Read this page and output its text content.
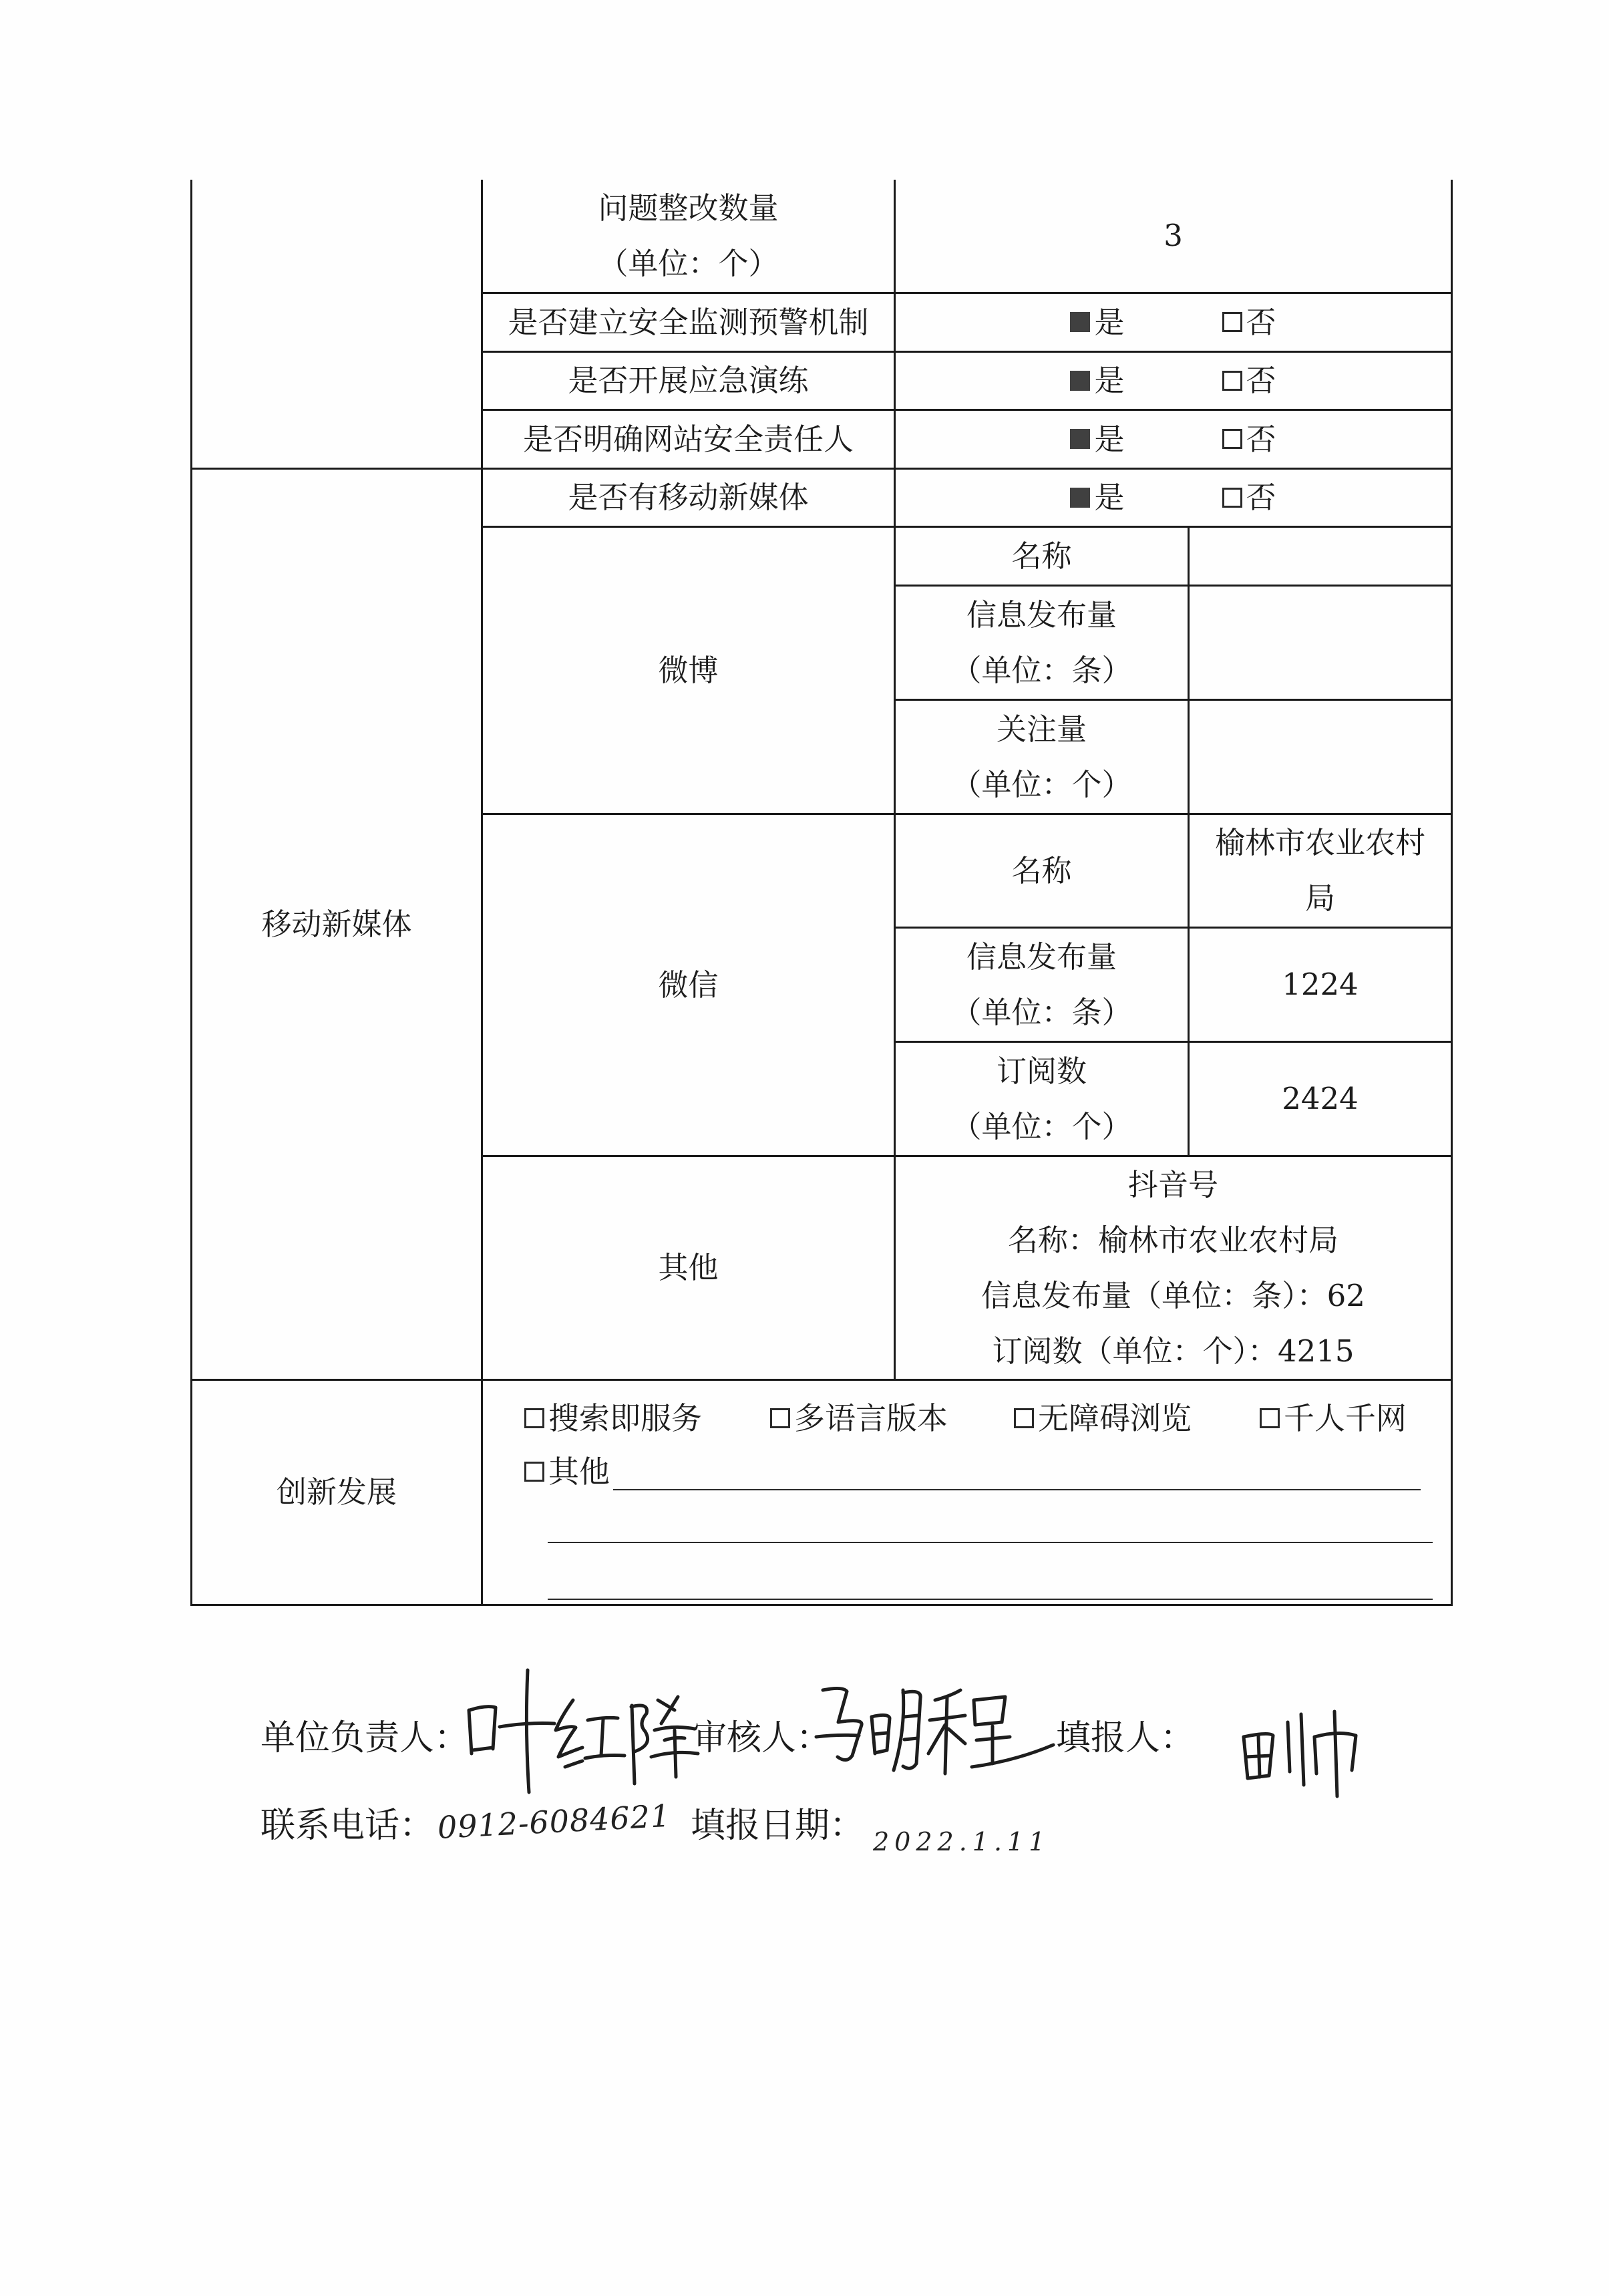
	问题整改数量
（单位：个）	3	
	是否建立安全监测预警机制	是 否	

	是否开展应急演练	是 否	

	是否明确网站安全责任人	是 否	

移动新媒体	是否有移动新媒体	是 否	

	微博	名称	

		信息发布量
（单位：条）	

		关注量
（单位：个）	

	微信	名称	榆林市农业农村局

		信息发布量
（单位：条）	1224

		订阅数
（单位：个）	2424
	其他	抖音号
名称：榆林市农业农村局
信息发布量（单位：条）：62
订阅数（单位：个）：4215	

创新发展	搜索即服务 多语言版本 无障碍浏览 千人千网
其他		
单位负责人：	审核人：	填报人：
联系电话：	填报日期：
0912-6084621	2022.1.11
